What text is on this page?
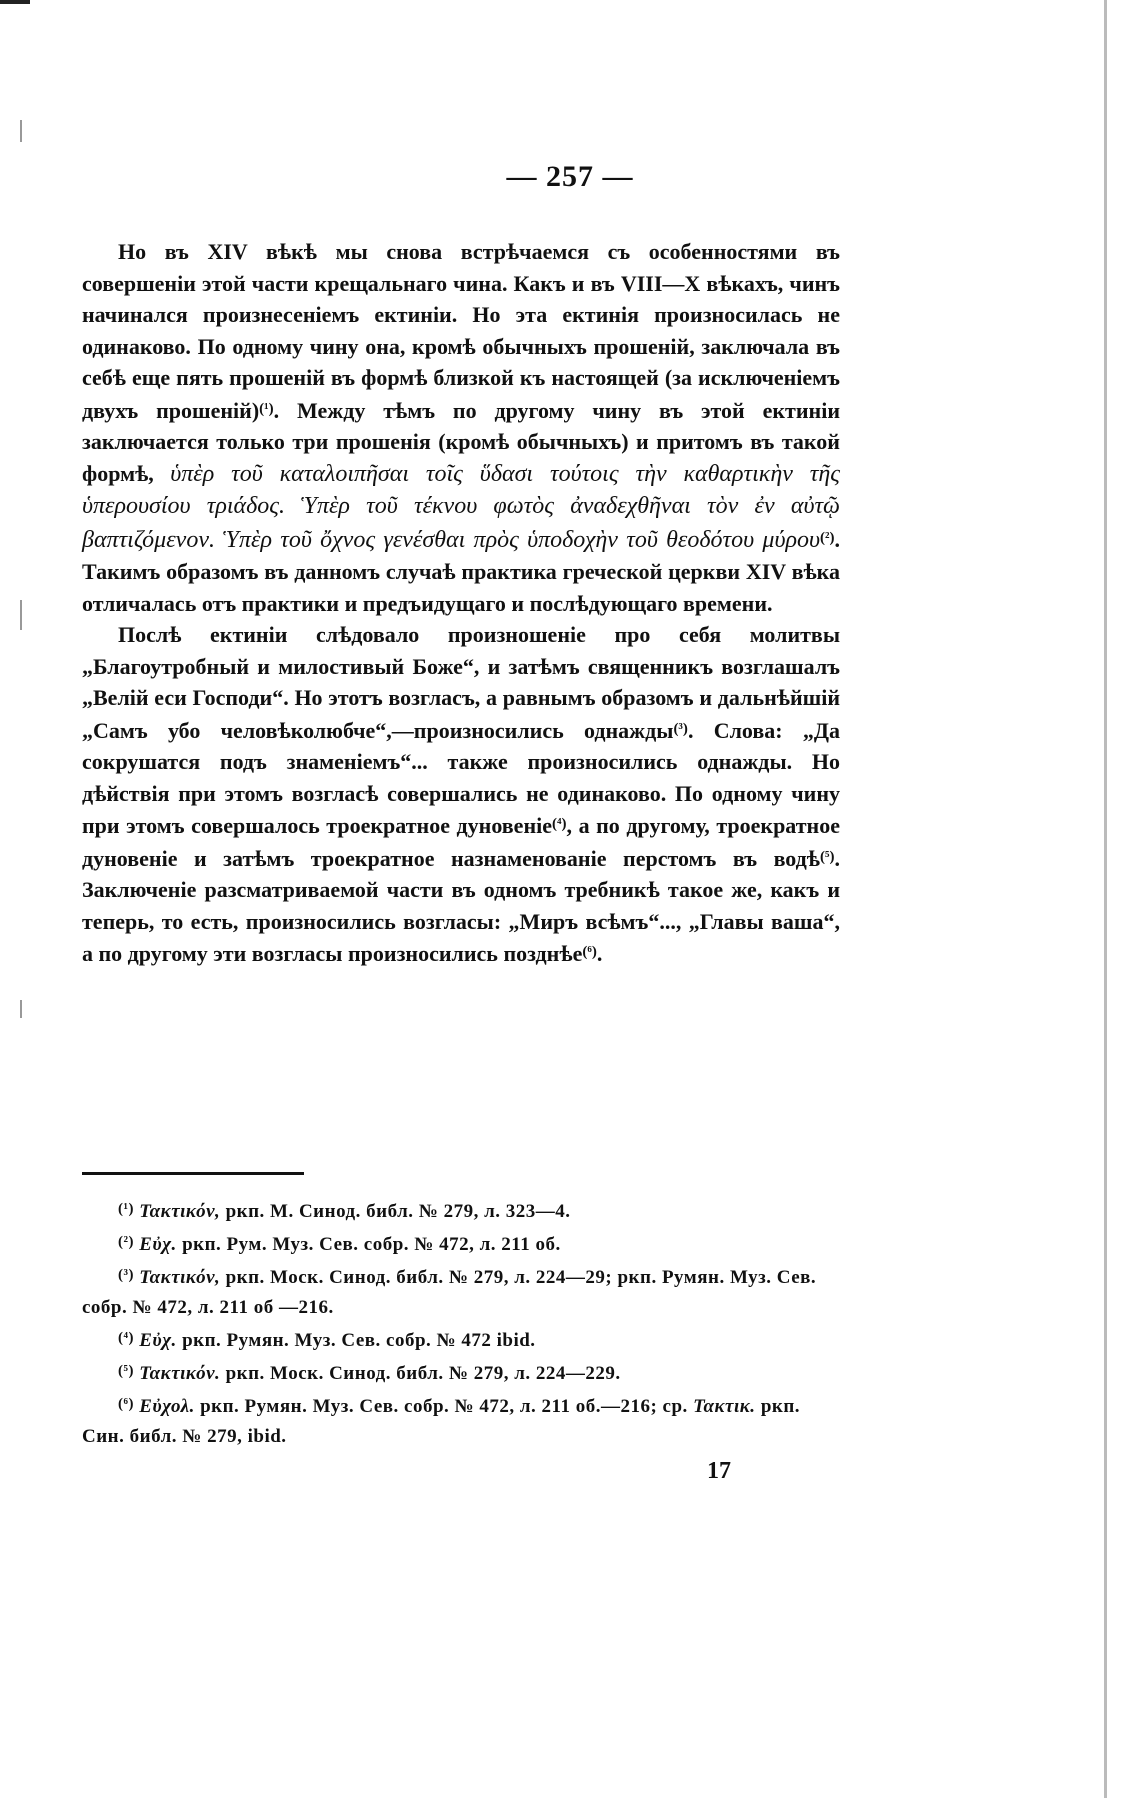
— 257 —

Но въ XIV вѣкѣ мы снова встрѣчаемся съ особенностями въ совершеніи этой части крещальнаго чина. Какъ и въ VIII—X вѣкахъ, чинъ начинался произнесеніемъ ектиніи. Но эта ектинія произносилась не одинаково. По одному чину она, кромѣ обычныхъ прошеній, заключала въ себѣ еще пять прошеній въ формѣ близкой къ настоящей (за исключеніемъ двухъ прошеній)$^{(^1)}$. Между тѣмъ по другому чину въ этой ектиніи заключается только три прошенія (кромѣ обычныхъ) и притомъ въ такой формѣ, ὑπὲρ τοῦ καταλοιπῆσαι τοῖς ὕδασι τούτοις τὴν καθαρτικὴν τῆς ὑπερουσίου τριάδος. Ὑπὲρ τοῦ τέκνου φωτὸς ἀναδεχθῆναι τὸν ἐν αὐτῷ βαπτιζόμενον. Ὑπὲρ τοῦ ὄχνος γενέσθαι πρὸς ὑποδοχὴν τοῦ θεοδότου μύρου$^{(^2)}$. Такимъ образомъ въ данномъ случаѣ практика греческой церкви XIV вѣка отличалась отъ практики и предъидущаго и послѣдующаго времени.

Послѣ ектиніи слѣдовало произношеніе про себя молитвы „Благоутробный и милостивый Боже“, и затѣмъ священникъ возглашалъ „Велій еси Господи“. Но этотъ возгласъ, а равнымъ образомъ и дальнѣйшій „Самъ убо человѣколюбче“,—произносились однажды$^{(^3)}$. Слова: „Да сокрушатся подъ знаменіемъ“... также произносились однажды. Но дѣйствія при этомъ возгласѣ совершались не одинаково. По одному чину при этомъ совершалось троекратное дуновеніе$^{(^4)}$, а по другому, троекратное дуновеніе и затѣмъ троекратное назнаменованіе перстомъ въ водѣ$^{(^5)}$. Заключеніе разсматриваемой части въ одномъ требникѣ такое же, какъ и теперь, то есть, произносились возгласы: „Миръ всѣмъ“..., „Главы ваша“, а по другому эти возгласы произносились позднѣе$^{(^6)}$.

$^{(^1)}$ Τακτικόν, ркп. М. Синод. библ. № 279, л. 323—4.

$^{(^2)}$ Εὐχ. ркп. Рум. Муз. Сев. собр. № 472, л. 211 об.

$^{(^3)}$ Τακτικόν, ркп. Моск. Синод. библ. № 279, л. 224—29; ркп. Румян. Муз. Сев. собр. № 472, л. 211 об —216.

$^{(^4)}$ Εὐχ. ркп. Румян. Муз. Сев. собр. № 472 ibid.

$^{(^5)}$ Τακτικόν. ркп. Моск. Синод. библ. № 279, л. 224—229.

$^{(^6)}$ Εὐχολ. ркп. Румян. Муз. Сев. собр. № 472, л. 211 об.—216; ср. Τακτικ. ркп. Син. библ. № 279, ibid.

17
